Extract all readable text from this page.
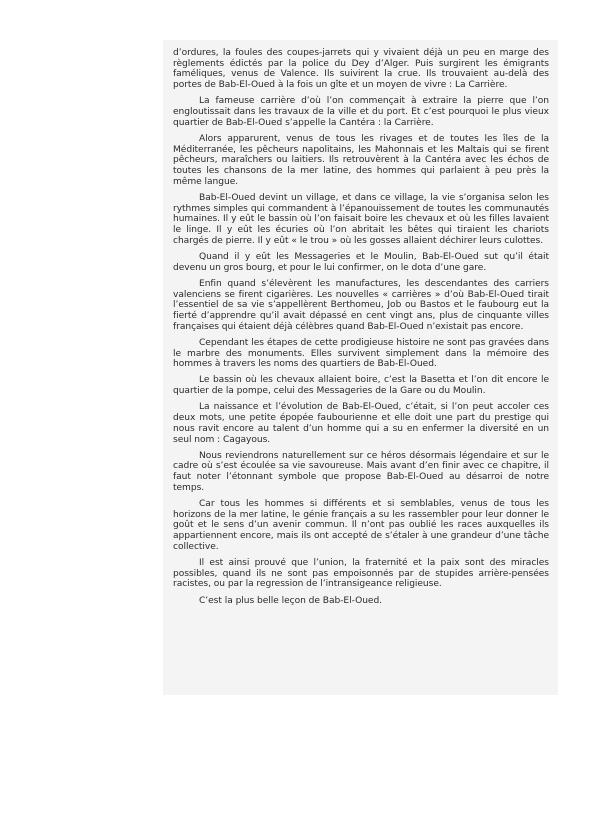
d’ordures, la foules des coupes-jarrets qui y vivaient déjà un peu en marge des règlements édictés par la police du Dey d’Alger. Puis surgirent les émigrants faméliques, venus de Valence. Ils suivirent la crue. Ils trouvaient au-delà des portes de Bab-El-Oued à la fois un gîte et un moyen de vivre : La Carrière.

La fameuse carrière d’où l’on commençait à extraire la pierre que l’on engloutissait dans les travaux de la ville et du port. Et c’est pourquoi le plus vieux quartier de Bab-El-Oued s’appelle la Cantéra : la Carrière.

Alors apparurent, venus de tous les rivages et de toutes les îles de la Méditerranée, les pêcheurs napolitains, les Mahonnais et les Maltais qui se firent pêcheurs, maraîchers ou laitiers. Ils retrouvèrent à la Cantéra avec les échos de toutes les chansons de la mer latine, des hommes qui parlaient à peu près la même langue.

Bab-El-Oued devint un village, et dans ce village, la vie s’organisa selon les rythmes simples qui commandent à l’épanouissement de toutes les communautés humaines. Il y eût le bassin où l’on faisait boire les chevaux et où les filles lavaient le linge. Il y eût les écuries où l’on abritait les bêtes qui tiraient les chariots chargés de pierre. Il y eût « le trou » où les gosses allaient déchirer leurs culottes.

Quand il y eût les Messageries et le Moulin, Bab-El-Oued sut qu’il était devenu un gros bourg, et pour le lui confirmer, on le dota d’une gare.

Enfin quand s’élevèrent les manufactures, les descendantes des carriers valenciens se firent cigarières. Les nouvelles « carrières » d’où Bab-El-Oued tirait l’essentiel de sa vie s’appellèrent Berthomeu, Job ou Bastos et le faubourg eut la fierté d’apprendre qu’il avait dépassé en cent vingt ans, plus de cinquante villes françaises qui étaient déjà célèbres quand Bab-El-Oued n’existait pas encore.

Cependant les étapes de cette prodigieuse histoire ne sont pas gravées dans le marbre des monuments. Elles survivent simplement dans la mémoire des hommes à travers les noms des quartiers de Bab-El-Oued.

Le bassin où les chevaux allaient boire, c’est la Basetta et l’on dit encore le quartier de la pompe, celui des Messageries de la Gare ou du Moulin.

La naissance et l’évolution de Bab-El-Oued, c’était, si l’on peut accoler ces deux mots, une petite épopée faubourienne et elle doit une part du prestige qui nous ravit encore au talent d’un homme qui a su en enfermer la diversité en un seul nom : Cagayous.

Nous reviendrons naturellement sur ce héros désormais légendaire et sur le cadre où s’est écoulée sa vie savoureuse. Mais avant d’en finir avec ce chapitre, il faut noter l’étonnant symbole que propose Bab-El-Oued au désarroi de notre temps.

Car tous les hommes si différents et si semblables, venus de tous les horizons de la mer latine, le génie français a su les rassembler pour leur donner le goût et le sens d’un avenir commun. Il n’ont pas oublié les races auxquelles ils appartiennent encore, mais ils ont accepté de s’étaler à une grandeur d’une tâche collective.

Il est ainsi prouvé que l’union, la fraternité et la paix sont des miracles possibles, quand ils ne sont pas empoisonnés par de stupides arrière-pensées racistes, ou par la regression de l’intransigeance religieuse.

C’est la plus belle leçon de Bab-El-Oued.
